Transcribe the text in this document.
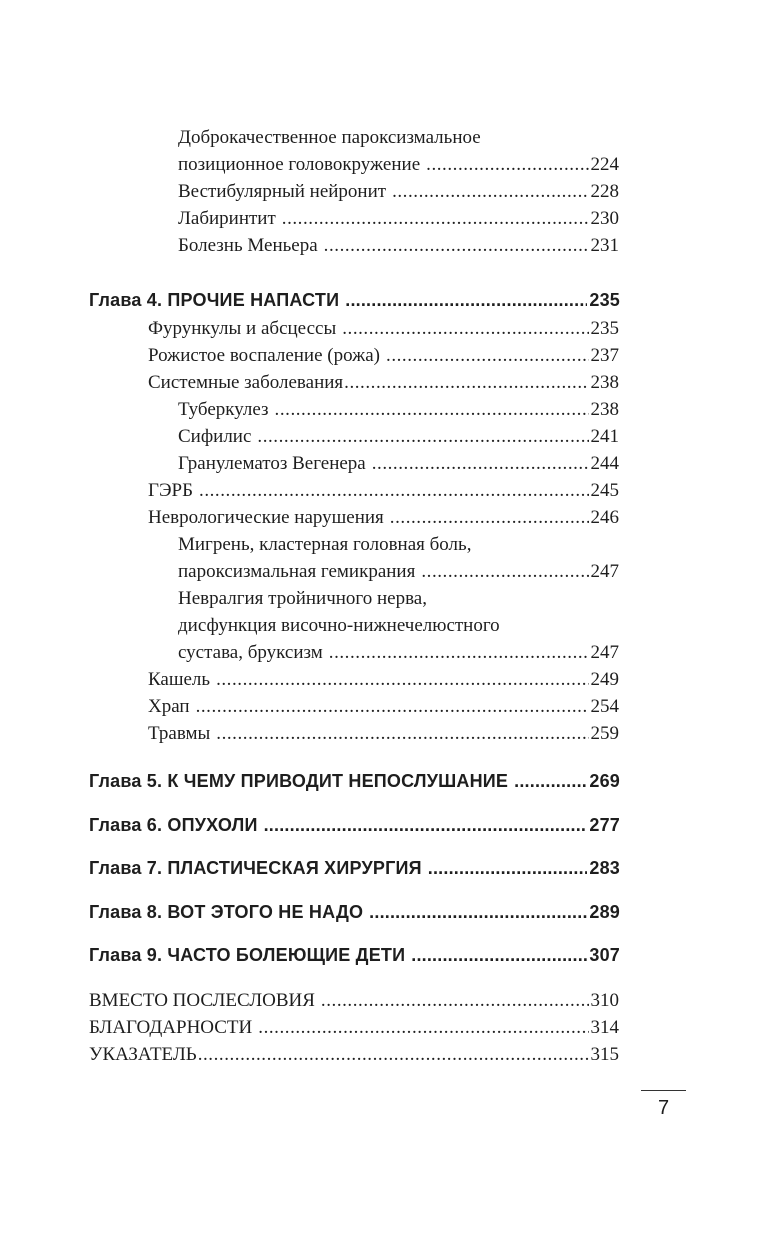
Доброкачественное пароксизмальное
позиционное головокружение . . .	224
Вестибулярный нейронит . . .	228
Лабиринтит . . .	230
Болезнь Меньера . . .	231
Глава 4. ПРОЧИЕ НАПАСТИ . . .	235
Фурункулы и абсцессы . . .	235
Рожистое воспаление (рожа) . . .	237
Системные заболевания . . .	238
Туберкулез . . .	238
Сифилис . . .	241
Гранулематоз Вегенера . . .	244
ГЭРБ . . .	245
Неврологические нарушения . . .	246
Мигрень, кластерная головная боль,
пароксизмальная гемикрания . . .	247
Невралгия тройничного нерва,
дисфункция височно-нижнечелюстного
сустава, бруксизм . . .	247
Кашель . . .	249
Храп . . .	254
Травмы . . .	259
Глава 5. К ЧЕМУ ПРИВОДИТ НЕПОСЛУШАНИЕ . . .	269
Глава 6. ОПУХОЛИ . . .	277
Глава 7. ПЛАСТИЧЕСКАЯ ХИРУРГИЯ . . .	283
Глава 8. ВОТ ЭТОГО НЕ НАДО . . .	289
Глава 9. ЧАСТО БОЛЕЮЩИЕ ДЕТИ . . .	307
ВМЕСТО ПОСЛЕСЛОВИЯ . . .	310
БЛАГОДАРНОСТИ . . .	314
УКАЗАТЕЛЬ . . .	315
7
